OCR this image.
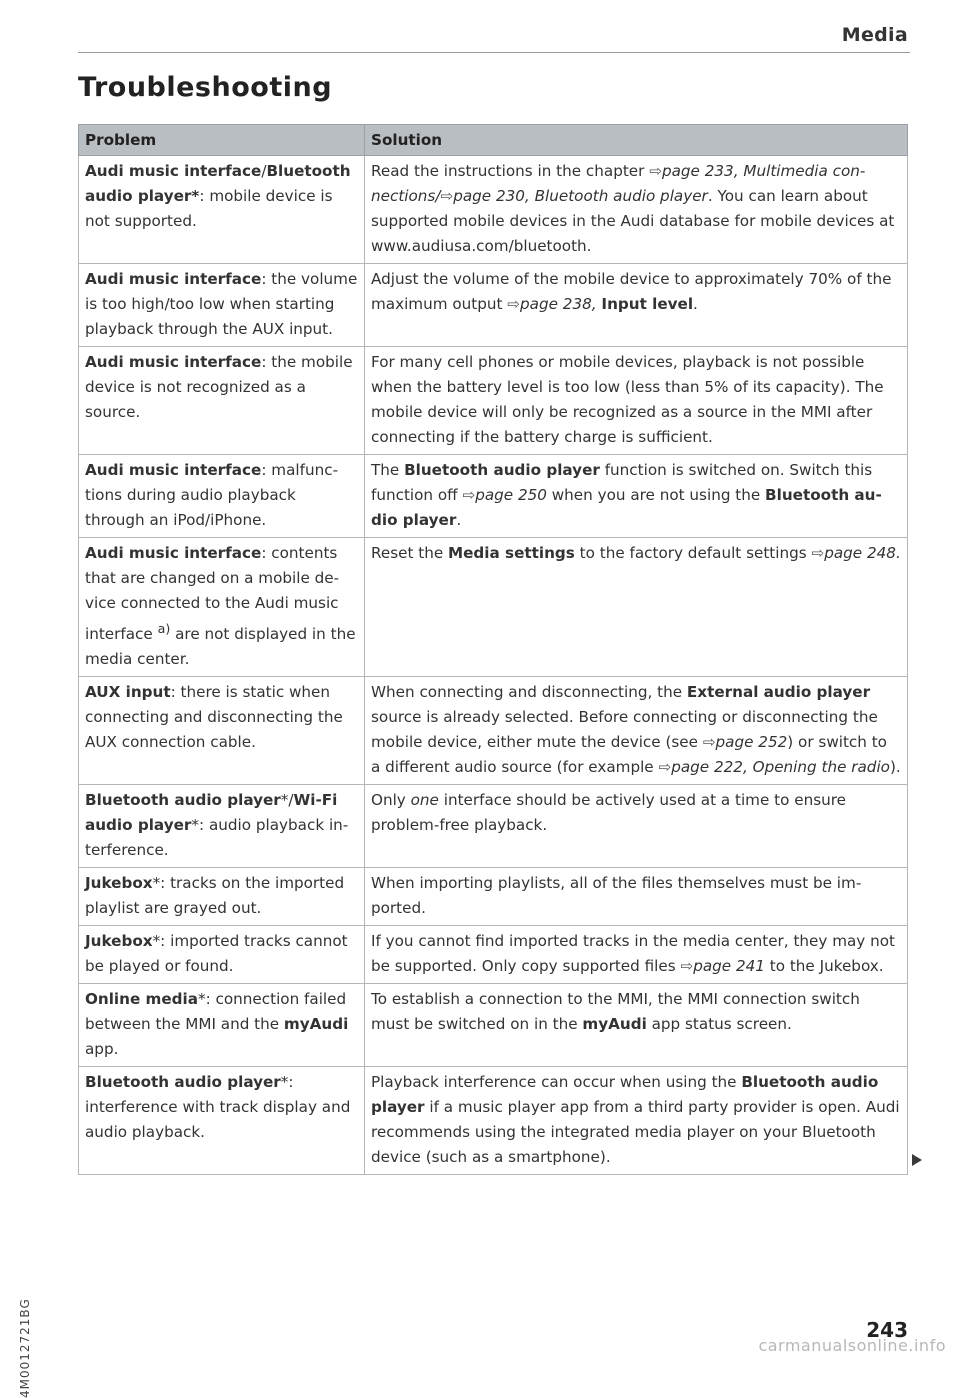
Media
Troubleshooting
Problem	Solution
Audi music interface/Bluetooth audio player*: mobile device is not supported.	Read the instructions in the chapter ⇨page 233, Multimedia connections/⇨page 230, Bluetooth audio player. You can learn about supported mobile devices in the Audi database for mobile devices at www.audiusa.com/bluetooth.
Audi music interface: the volume is too high/too low when starting playback through the AUX input.	Adjust the volume of the mobile device to approximately 70% of the maximum output ⇨page 238, Input level.
Audi music interface: the mobile device is not recognized as a source.	For many cell phones or mobile devices, playback is not possible when the battery level is too low (less than 5% of its capacity). The mobile device will only be recognized as a source in the MMI after connecting if the battery charge is sufficient.
Audi music interface: malfunctions during audio playback through an iPod/iPhone.	The Bluetooth audio player function is switched on. Switch this function off ⇨page 250 when you are not using the Bluetooth audio player.
Audi music interface: contents that are changed on a mobile device connected to the Audi music interface $^{a)}$ are not displayed in the media center.	Reset the Media settings to the factory default settings ⇨page 248.
AUX input: there is static when connecting and disconnecting the AUX connection cable.	When connecting and disconnecting, the External audio player source is already selected. Before connecting or disconnecting the mobile device, either mute the device (see ⇨page 252) or switch to a different audio source (for example ⇨page 222, Opening the radio).
Bluetooth audio player*/Wi-Fi audio player*: audio playback interference.	Only one interface should be actively used at a time to ensure problem-free playback.
Jukebox*: tracks on the imported playlist are grayed out.	When importing playlists, all of the files themselves must be imported.
Jukebox*: imported tracks cannot be played or found.	If you cannot find imported tracks in the media center, they may not be supported. Only copy supported files ⇨page 241 to the Jukebox.
Online media*: connection failed between the MMI and the myAudi app.	To establish a connection to the MMI, the MMI connection switch must be switched on in the myAudi app status screen.
Bluetooth audio player*: interference with track display and audio playback.	Playback interference can occur when using the Bluetooth audio player if a music player app from a third party provider is open. Audi recommends using the integrated media player on your Bluetooth device (such as a smartphone).
4M0012721BG	243
carmanualsonline.info
